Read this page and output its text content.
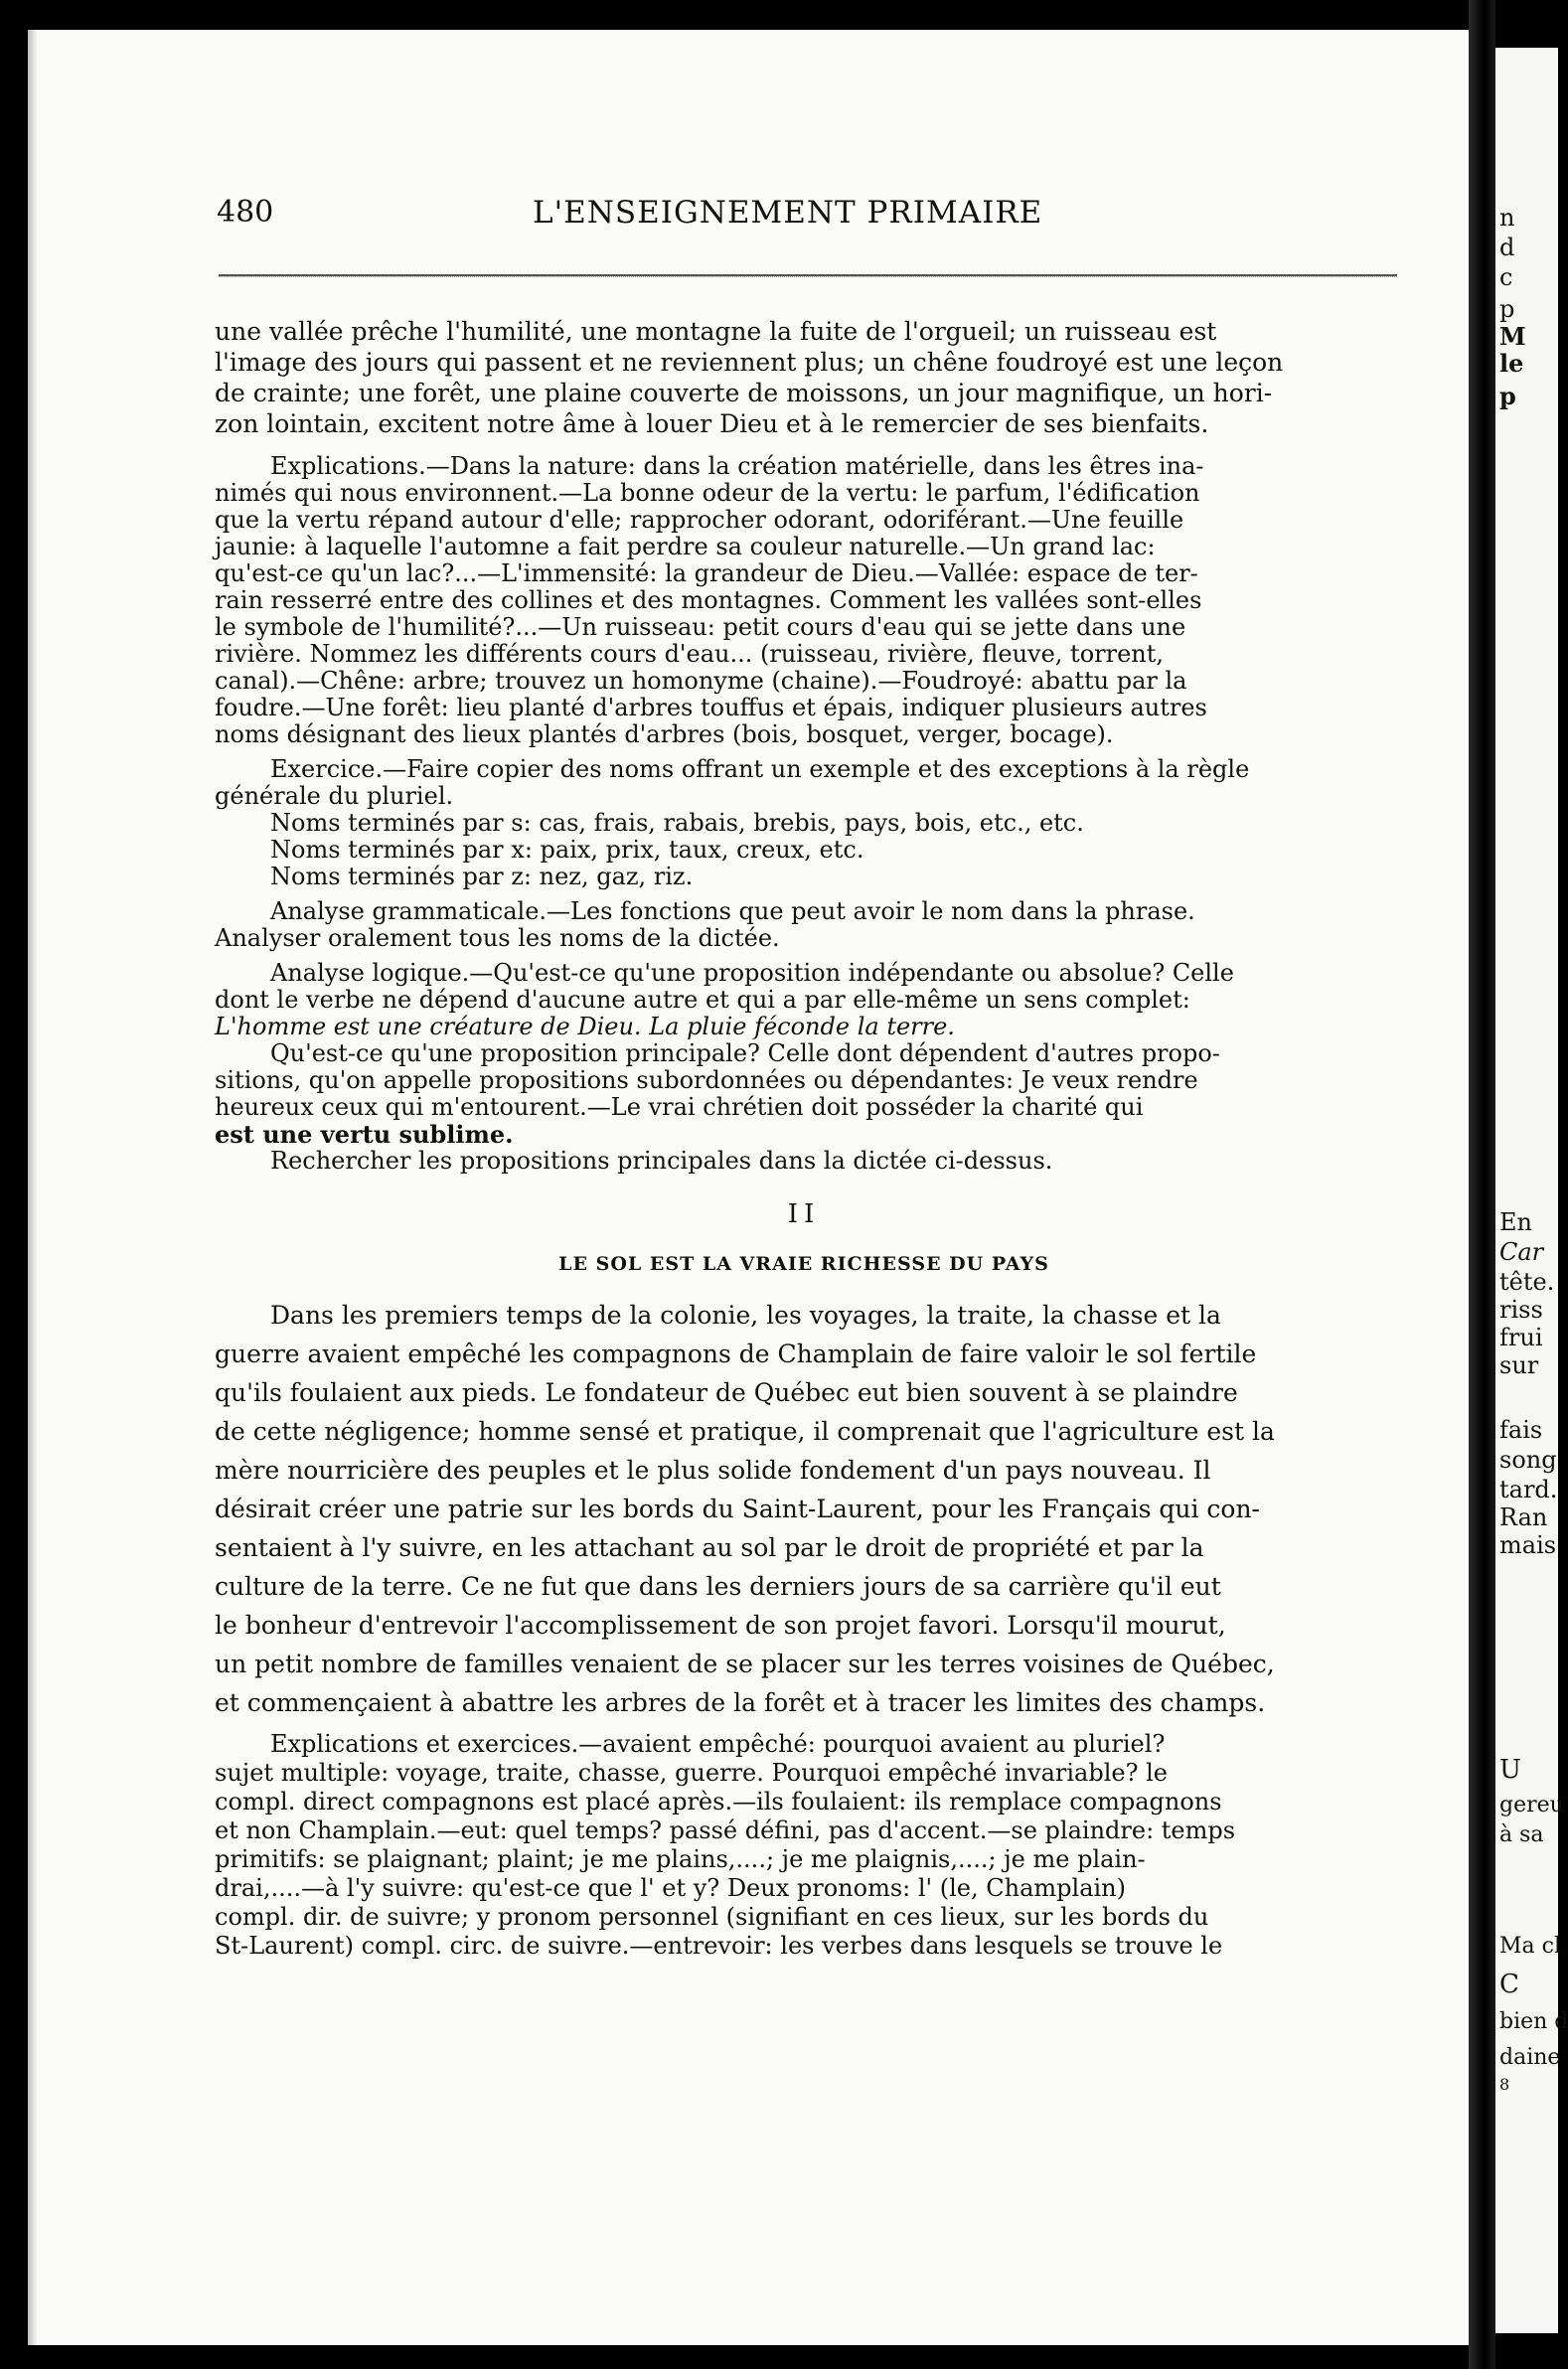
n
d
c
p
M
le
p
En
Car
tête.
riss
frui
sur
fais
song
tard.
Ran
mais
U
gereu
à sa
Ma cl
C
bien d
daine
8
480	L'ENSEIGNEMENT PRIMAIRE
une vallée prêche l'humilité, une montagne la fuite de l'orgueil; un ruisseau est
l'image des jours qui passent et ne reviennent plus; un chêne foudroyé est une leçon
de crainte; une forêt, une plaine couverte de moissons, un jour magnifique, un hori-
zon lointain, excitent notre âme à louer Dieu et à le remercier de ses bienfaits.
Explications.—Dans la nature: dans la création matérielle, dans les êtres ina-
nimés qui nous environnent.—La bonne odeur de la vertu: le parfum, l'édification
que la vertu répand autour d'elle; rapprocher odorant, odoriférant.—Une feuille
jaunie: à laquelle l'automne a fait perdre sa couleur naturelle.—Un grand lac:
qu'est-ce qu'un lac?...—L'immensité: la grandeur de Dieu.—Vallée: espace de ter-
rain resserré entre des collines et des montagnes. Comment les vallées sont-elles
le symbole de l'humilité?...—Un ruisseau: petit cours d'eau qui se jette dans une
rivière. Nommez les différents cours d'eau... (ruisseau, rivière, fleuve, torrent,
canal).—Chêne: arbre; trouvez un homonyme (chaine).—Foudroyé: abattu par la
foudre.—Une forêt: lieu planté d'arbres touffus et épais, indiquer plusieurs autres
noms désignant des lieux plantés d'arbres (bois, bosquet, verger, bocage).
Exercice.—Faire copier des noms offrant un exemple et des exceptions à la règle
générale du pluriel.
Noms terminés par s: cas, frais, rabais, brebis, pays, bois, etc., etc.
Noms terminés par x: paix, prix, taux, creux, etc.
Noms terminés par z: nez, gaz, riz.
Analyse grammaticale.—Les fonctions que peut avoir le nom dans la phrase.
Analyser oralement tous les noms de la dictée.
Analyse logique.—Qu'est-ce qu'une proposition indépendante ou absolue? Celle
dont le verbe ne dépend d'aucune autre et qui a par elle-même un sens complet:
L'homme est une créature de Dieu. La pluie féconde la terre.
Qu'est-ce qu'une proposition principale? Celle dont dépendent d'autres propo-
sitions, qu'on appelle propositions subordonnées ou dépendantes: Je veux rendre
heureux ceux qui m'entourent.—Le vrai chrétien doit posséder la charité qui
est une vertu sublime.
Rechercher les propositions principales dans la dictée ci-dessus.
II
LE SOL EST LA VRAIE RICHESSE DU PAYS
Dans les premiers temps de la colonie, les voyages, la traite, la chasse et la
guerre avaient empêché les compagnons de Champlain de faire valoir le sol fertile
qu'ils foulaient aux pieds. Le fondateur de Québec eut bien souvent à se plaindre
de cette négligence; homme sensé et pratique, il comprenait que l'agriculture est la
mère nourricière des peuples et le plus solide fondement d'un pays nouveau. Il
désirait créer une patrie sur les bords du Saint-Laurent, pour les Français qui con-
sentaient à l'y suivre, en les attachant au sol par le droit de propriété et par la
culture de la terre. Ce ne fut que dans les derniers jours de sa carrière qu'il eut
le bonheur d'entrevoir l'accomplissement de son projet favori. Lorsqu'il mourut,
un petit nombre de familles venaient de se placer sur les terres voisines de Québec,
et commençaient à abattre les arbres de la forêt et à tracer les limites des champs.
Explications et exercices.—avaient empêché: pourquoi avaient au pluriel?
sujet multiple: voyage, traite, chasse, guerre. Pourquoi empêché invariable? le
compl. direct compagnons est placé après.—ils foulaient: ils remplace compagnons
et non Champlain.—eut: quel temps? passé défini, pas d'accent.—se plaindre: temps
primitifs: se plaignant; plaint; je me plains,....; je me plaignis,....; je me plain-
drai,....—à l'y suivre: qu'est-ce que l' et y? Deux pronoms: l' (le, Champlain)
compl. dir. de suivre; y pronom personnel (signifiant en ces lieux, sur les bords du
St-Laurent) compl. circ. de suivre.—entrevoir: les verbes dans lesquels se trouve le
